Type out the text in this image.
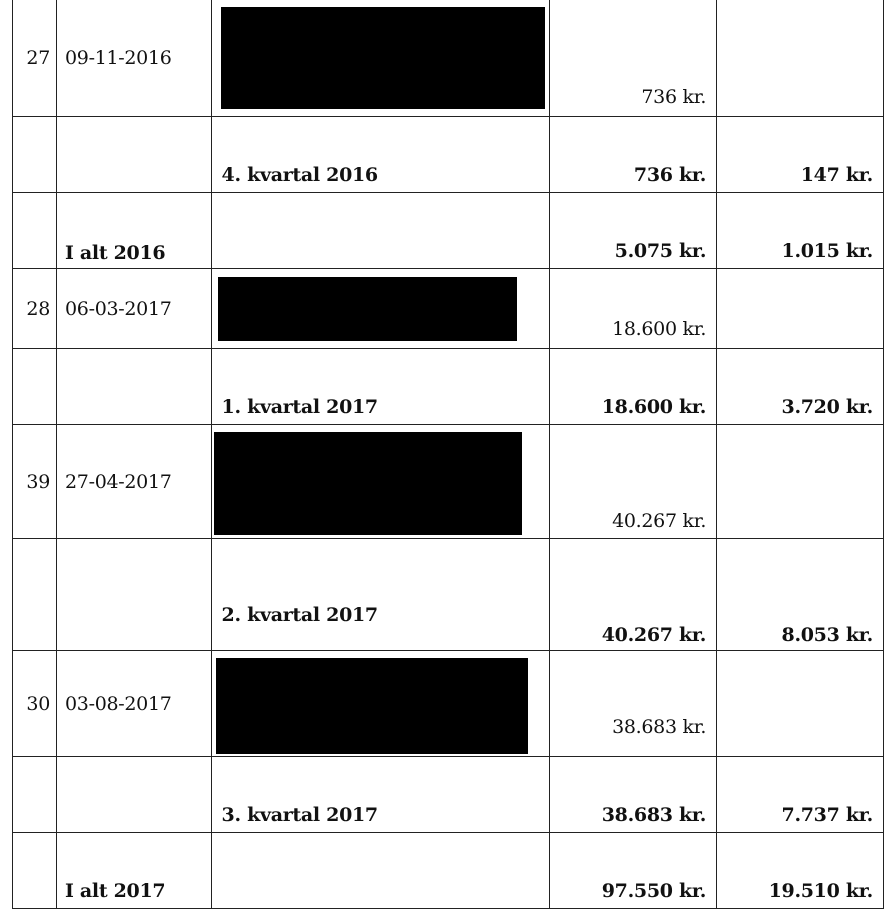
27	09-11-2016		736 kr.	

		4. kvartal 2016	736 kr.	147 kr.

	I alt 2016		5.075 kr.	1.015 kr.
28	06-03-2017		18.600 kr.	

		1. kvartal 2017	18.600 kr.	3.720 kr.
39	27-04-2017		40.267 kr.	

		2. kvartal 2017	40.267 kr.	8.053 kr.
30	03-08-2017		38.683 kr.	

		3. kvartal 2017	38.683 kr.	7.737 kr.

	I alt 2017		97.550 kr.	19.510 kr.
